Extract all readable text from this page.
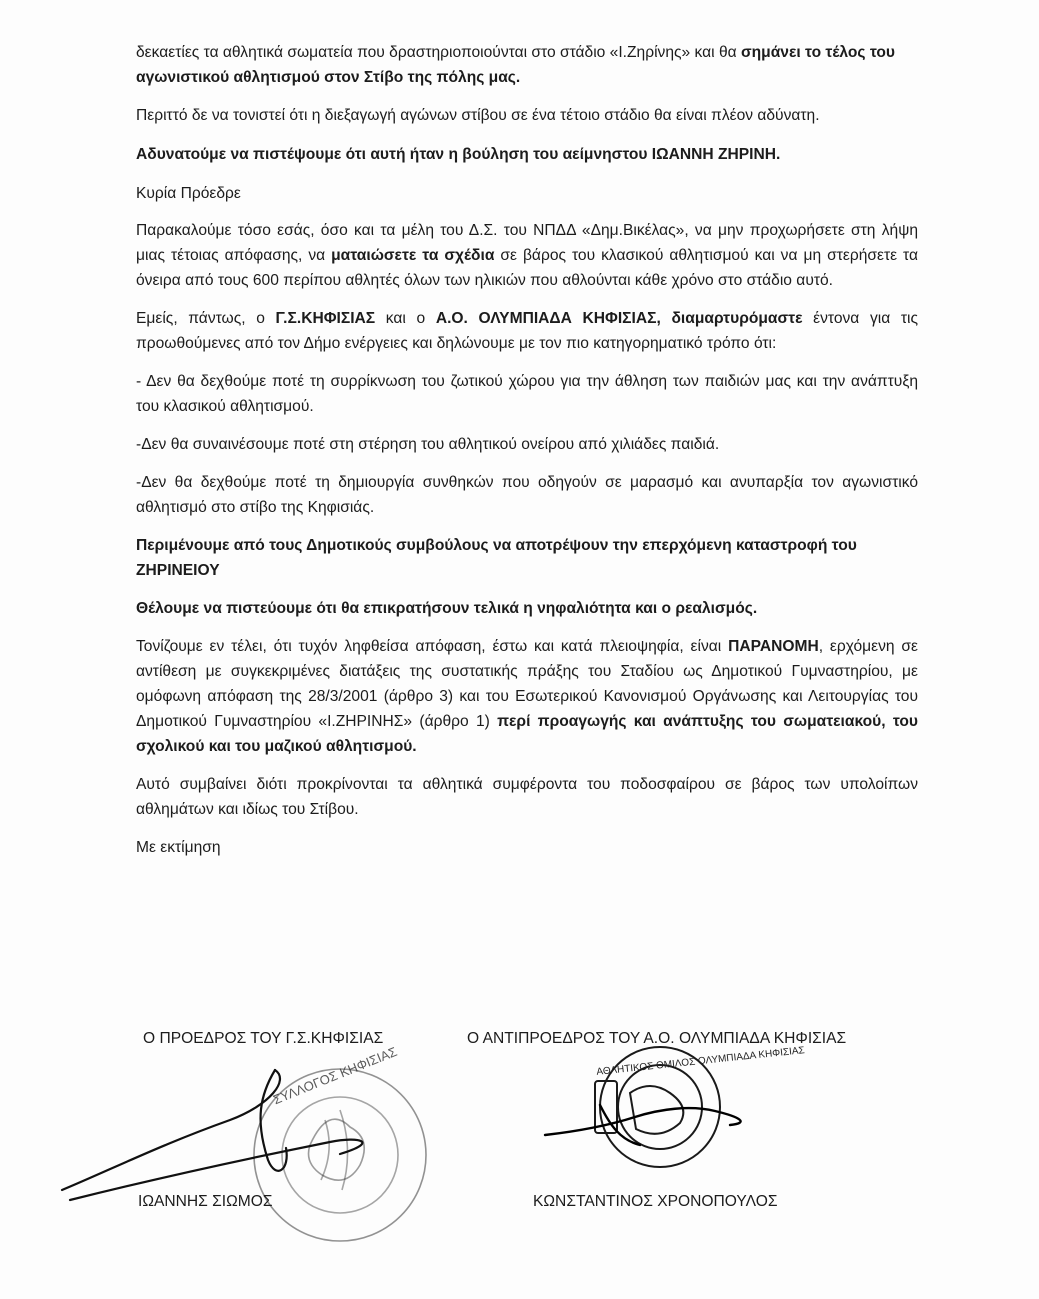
δεκαετίες τα αθλητικά σωματεία που δραστηριοποιούνται στο στάδιο «Ι.Ζηρίνης» και θα σημάνει το τέλος του αγωνιστικού αθλητισμού στον Στίβο της πόλης μας.

Περιττό δε να τονιστεί ότι η διεξαγωγή αγώνων στίβου σε ένα τέτοιο στάδιο θα είναι πλέον αδύνατη.

Αδυνατούμε να πιστέψουμε ότι αυτή ήταν η βούληση του αείμνηστου ΙΩΑΝΝΗ ΖΗΡΙΝΗ.

Κυρία Πρόεδρε

Παρακαλούμε τόσο εσάς, όσο και τα μέλη του Δ.Σ. του ΝΠΔΔ «Δημ.Βικέλας», να μην προχωρήσετε στη λήψη μιας τέτοιας απόφασης, να ματαιώσετε τα σχέδια σε βάρος του κλασικού αθλητισμού και να μη στερήσετε τα όνειρα από τους 600 περίπου αθλητές όλων των ηλικιών που αθλούνται κάθε χρόνο στο στάδιο αυτό.

Εμείς, πάντως, ο Γ.Σ.ΚΗΦΙΣΙΑΣ και ο Α.Ο. ΟΛΥΜΠΙΑΔΑ ΚΗΦΙΣΙΑΣ, διαμαρτυρόμαστε έντονα για τις προωθούμενες από τον Δήμο ενέργειες και δηλώνουμε με τον πιο κατηγορηματικό τρόπο ότι:

- Δεν θα δεχθούμε ποτέ τη συρρίκνωση του ζωτικού χώρου για την άθληση των παιδιών μας και την ανάπτυξη του κλασικού αθλητισμού.

-Δεν θα συναινέσουμε ποτέ στη στέρηση του αθλητικού ονείρου από χιλιάδες παιδιά.

-Δεν θα δεχθούμε ποτέ τη δημιουργία συνθηκών που οδηγούν σε μαρασμό και ανυπαρξία τον αγωνιστικό αθλητισμό στο στίβο της Κηφισιάς.

Περιμένουμε από τους Δημοτικούς συμβούλους να αποτρέψουν την επερχόμενη καταστροφή του ΖΗΡΙΝΕΙΟΥ

Θέλουμε να πιστεύουμε ότι θα επικρατήσουν τελικά η νηφαλιότητα και ο ρεαλισμός.

Τονίζουμε εν τέλει, ότι τυχόν ληφθείσα απόφαση, έστω και κατά πλειοψηφία, είναι ΠΑΡΑΝΟΜΗ, ερχόμενη σε αντίθεση με συγκεκριμένες διατάξεις της συστατικής πράξης του Σταδίου ως Δημοτικού Γυμναστηρίου, με ομόφωνη απόφαση της 28/3/2001 (άρθρο 3) και του Εσωτερικού Κανονισμού Οργάνωσης και Λειτουργίας του Δημοτικού Γυμναστηρίου «Ι.ΖΗΡΙΝΗΣ» (άρθρο 1) περί προαγωγής και ανάπτυξης του σωματειακού, του σχολικού και του μαζικού αθλητισμού.

Αυτό συμβαίνει διότι προκρίνονται τα αθλητικά συμφέροντα του ποδοσφαίρου σε βάρος των υπολοίπων αθλημάτων και ιδίως του Στίβου.

Με εκτίμηση

Ο ΠΡΟΕΔΡΟΣ ΤΟΥ Γ.Σ.ΚΗΦΙΣΙΑΣ
ΣΥΛΛΟΓΟΣ ΚΗΦΙΣΙΑΣ
ΙΩΑΝΝΗΣ ΣΙΩΜΟΣ
Ο ΑΝΤΙΠΡΟΕΔΡΟΣ ΤΟΥ Α.Ο. ΟΛΥΜΠΙΑΔΑ ΚΗΦΙΣΙΑΣ
ΑΘΛΗΤΙΚΟΣ ΟΜΙΛΟΣ ΟΛΥΜΠΙΑΔΑ ΚΗΦΙΣΙΑΣ
ΚΩΝΣΤΑΝΤΙΝΟΣ ΧΡΟΝΟΠΟΥΛΟΣ
